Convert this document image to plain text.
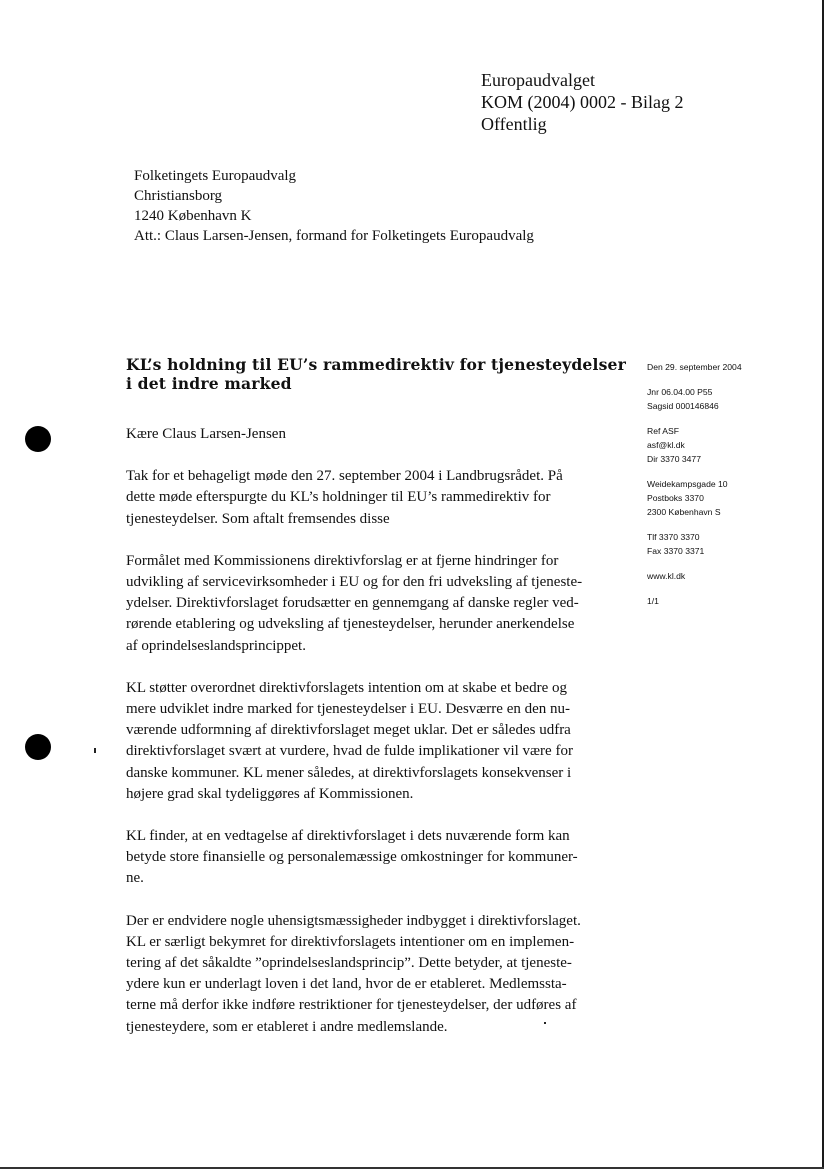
Europaudvalget
KOM (2004) 0002 - Bilag 2
Offentlig
Folketingets Europaudvalg
Christiansborg
1240 København K
Att.: Claus Larsen-Jensen, formand for Folketingets Europaudvalg
KL’s holdning til EU’s rammedirektiv for tjenesteydelser i det indre marked
Kære Claus Larsen-Jensen
Tak for et behageligt møde den 27. september 2004 i Landbrugsrådet. På
dette møde efterspurgte du KL’s holdninger til EU’s rammedirektiv for
tjenesteydelser. Som aftalt fremsendes disse
Formålet med Kommissionens direktivforslag er at fjerne hindringer for
udvikling af servicevirksomheder i EU og for den fri udveksling af tjeneste-
ydelser. Direktivforslaget forudsætter en gennemgang af danske regler ved-
rørende etablering og udveksling af tjenesteydelser, herunder anerkendelse
af oprindelseslandsprincippet.
KL støtter overordnet direktivforslagets intention om at skabe et bedre og
mere udviklet indre marked for tjenesteydelser i EU. Desværre en den nu-
værende udformning af direktivforslaget meget uklar. Det er således udfra
direktivforslaget svært at vurdere, hvad de fulde implikationer vil være for
danske kommuner. KL mener således, at direktivforslagets konsekvenser i
højere grad skal tydeliggøres af Kommissionen.
KL finder, at en vedtagelse af direktivforslaget i dets nuværende form kan
betyde store finansielle og personalemæssige omkostninger for kommuner-
ne.
Der er endvidere nogle uhensigtsmæssigheder indbygget i direktivforslaget.
KL er særligt bekymret for direktivforslagets intentioner om en implemen-
tering af det såkaldte ”oprindelseslandsprincip”. Dette betyder, at tjeneste-
ydere kun er underlagt loven i det land, hvor de er etableret. Medlemssta-
terne må derfor ikke indføre restriktioner for tjenesteydelser, der udføres af
tjenesteydere, som er etableret i andre medlemslande.
Den 29. september 2004
Jnr 06.04.00 P55
Sagsid 000146846
Ref ASF
asf@kl.dk
Dir 3370 3477
Weidekampsgade 10
Postboks 3370
2300 København S
Tlf 3370 3370
Fax 3370 3371
www.kl.dk
1/1
